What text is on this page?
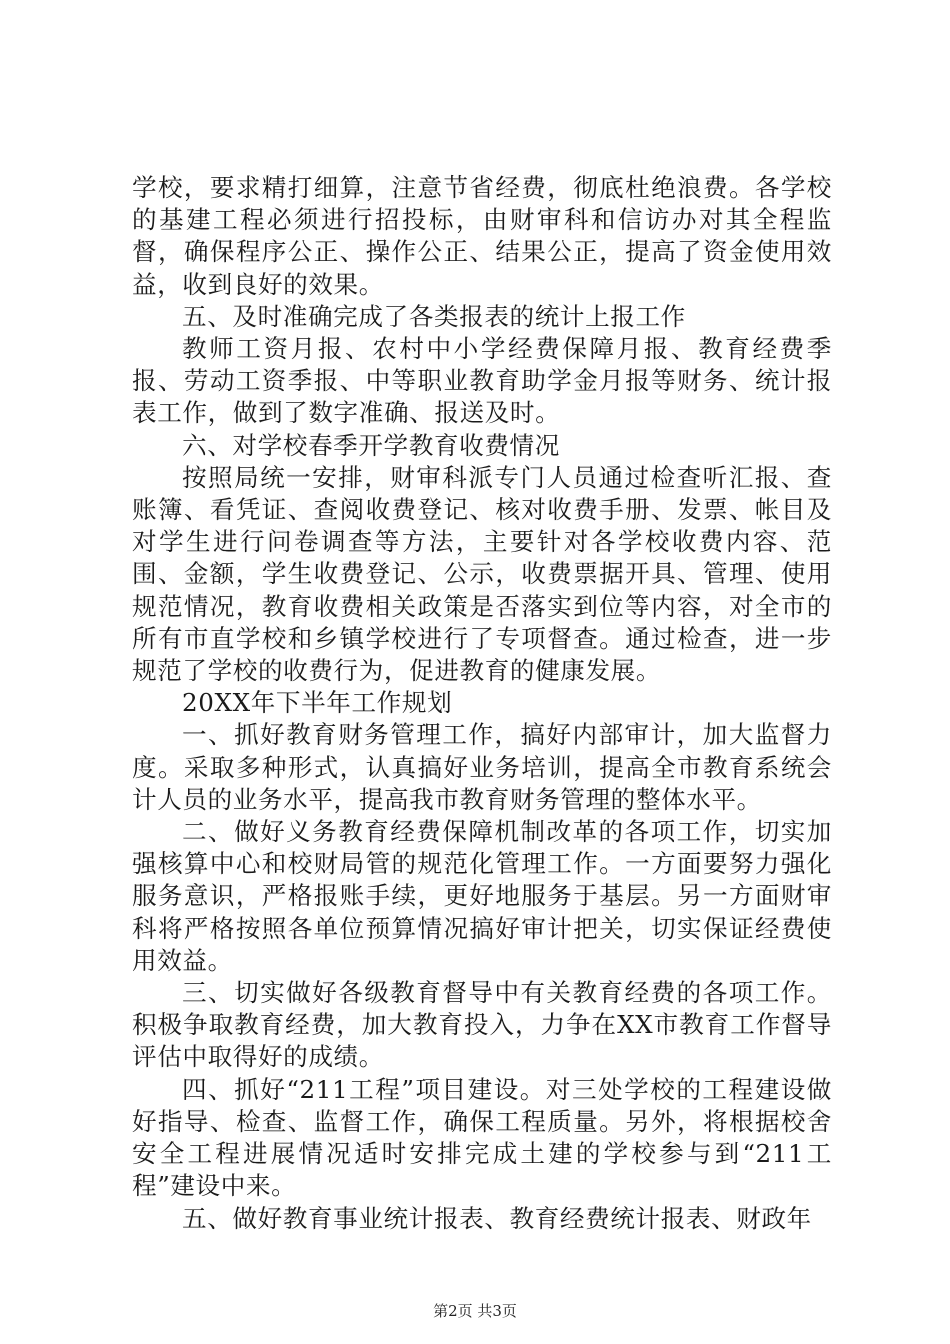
学校，要求精打细算，注意节省经费，彻底杜绝浪费。各学校的基建工程必须进行招投标，由财审科和信访办对其全程监督，确保程序公正、操作公正、结果公正，提高了资金使用效益，收到良好的效果。

五、及时准确完成了各类报表的统计上报工作

教师工资月报、农村中小学经费保障月报、教育经费季报、劳动工资季报、中等职业教育助学金月报等财务、统计报表工作，做到了数字准确、报送及时。

六、对学校春季开学教育收费情况

按照局统一安排，财审科派专门人员通过检查听汇报、查账簿、看凭证、查阅收费登记、核对收费手册、发票、帐目及对学生进行问卷调查等方法，主要针对各学校收费内容、范围、金额，学生收费登记、公示，收费票据开具、管理、使用规范情况，教育收费相关政策是否落实到位等内容，对全市的所有市直学校和乡镇学校进行了专项督查。通过检查，进一步规范了学校的收费行为，促进教育的健康发展。

20XX年下半年工作规划

一、抓好教育财务管理工作，搞好内部审计，加大监督力度。采取多种形式，认真搞好业务培训，提高全市教育系统会计人员的业务水平，提高我市教育财务管理的整体水平。

二、做好义务教育经费保障机制改革的各项工作，切实加强核算中心和校财局管的规范化管理工作。一方面要努力强化服务意识，严格报账手续，更好地服务于基层。另一方面财审科将严格按照各单位预算情况搞好审计把关，切实保证经费使用效益。

三、切实做好各级教育督导中有关教育经费的各项工作。积极争取教育经费，加大教育投入，力争在XX市教育工作督导评估中取得好的成绩。

四、抓好“211工程”项目建设。对三处学校的工程建设做好指导、检查、监督工作，确保工程质量。另外，将根据校舍安全工程进展情况适时安排完成土建的学校参与到“211工程”建设中来。

五、做好教育事业统计报表、教育经费统计报表、财政年

第2页 共3页
